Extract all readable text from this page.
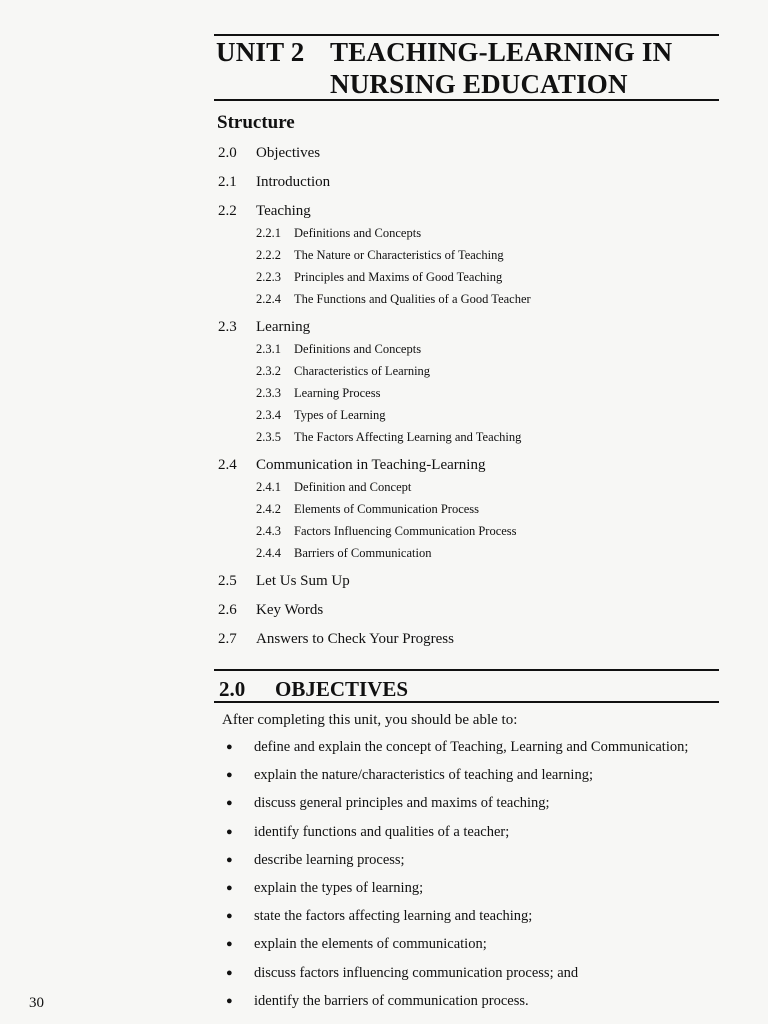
UNIT 2 TEACHING-LEARNING IN
NURSING EDUCATION
Structure
2.0 Objectives
2.1 Introduction
2.2 Teaching
2.2.1 Definitions and Concepts
2.2.2 The Nature or Characteristics of Teaching
2.2.3 Principles and Maxims of Good Teaching
2.2.4 The Functions and Qualities of a Good Teacher
2.3 Learning
2.3.1 Definitions and Concepts
2.3.2 Characteristics of Learning
2.3.3 Learning Process
2.3.4 Types of Learning
2.3.5 The Factors Affecting Learning and Teaching
2.4 Communication in Teaching-Learning
2.4.1 Definition and Concept
2.4.2 Elements of Communication Process
2.4.3 Factors Influencing Communication Process
2.4.4 Barriers of Communication
2.5 Let Us Sum Up
2.6 Key Words
2.7 Answers to Check Your Progress
2.0 OBJECTIVES
After completing this unit, you should be able to:
● define and explain the concept of Teaching, Learning and Communication;
● explain the nature/characteristics of teaching and learning;
● discuss general principles and maxims of teaching;
● identify functions and qualities of a teacher;
● describe learning process;
● explain the types of learning;
● state the factors affecting learning and teaching;
● explain the elements of communication;
● discuss factors influencing communication process; and
● identify the barriers of communication process.
30
